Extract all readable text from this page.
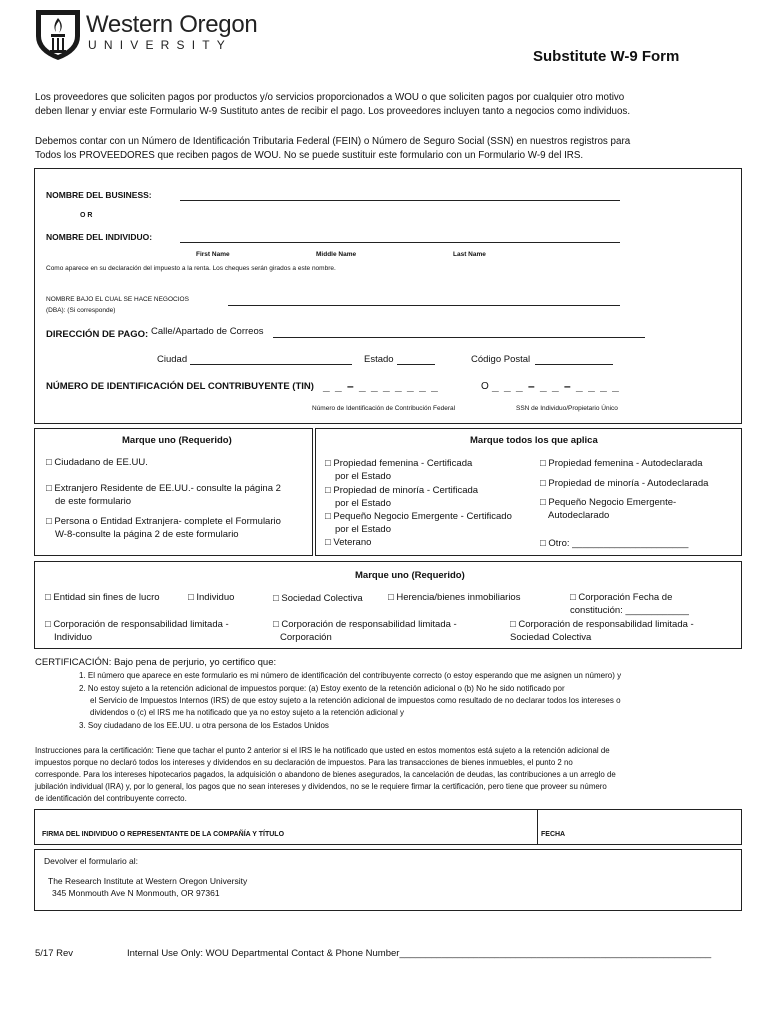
Western Oregon
UNIVERSITY
Substitute W-9 Form
Los proveedores que soliciten pagos por productos y/o servicios proporcionados a WOU o que soliciten pagos por cualquier otro motivo
deben llenar y enviar este Formulario W-9 Sustituto antes de recibir el pago. Los proveedores incluyen tanto a negocios como individuos.
Debemos contar con un Número de Identificación Tributaria Federal (FEIN) o Número de Seguro Social (SSN) en nuestros registros para
Todos los PROVEEDORES que reciben pagos de WOU. No se puede sustituir este formulario con un Formulario W-9 del IRS.
NOMBRE DEL BUSINESS:
O R
NOMBRE DEL INDIVIDUO:
First Name	Middle Name	Last Name
Como aparece en su declaración del impuesto a la renta. Los cheques serán girados a este nombre.
NOMBRE BAJO EL CUAL SE HACE NEGOCIOS
(DBA): (Si corresponde)
DIRECCIÓN DE PAGO: Calle/Apartado de Correos
Ciudad	Estado	Código Postal
NÚMERO DE IDENTIFICACIÓN DEL CONTRIBUYENTE (TIN) _ _ – _ _ _ _ _ _ _	O _ _ _ – _ _ – _ _ _ _
Número de Identificación de Contribución Federal	SSN de Individuo/Propietario Único
Marque uno (Requerido)
□ Ciudadano de EE.UU.
□ Extranjero Residente de EE.UU.- consulte la página 2
de este formulario
□ Persona o Entidad Extranjera- complete el Formulario
W-8-consulte la página 2 de este formulario
Marque todos los que aplica
□ Propiedad femenina - Certificada
por el Estado
□ Propiedad de minoría - Certificada
por el Estado
□ Pequeño Negocio Emergente - Certificado
por el Estado
□ Veterano
□ Propiedad femenina - Autodeclarada
□ Propiedad de minoría - Autodeclarada
□ Pequeño Negocio Emergente-
Autodeclarado
□ Otro: ______________________
Marque uno (Requerido)
□ Entidad sin fines de lucro	□ Individuo	□ Sociedad Colectiva	□ Herencia/bienes inmobiliarios	□ Corporación Fecha de
constitución: ____________
□ Corporación de responsabilidad limitada -
Individuo
□ Corporación de responsabilidad limitada -
Corporación
□ Corporación de responsabilidad limitada -
Sociedad Colectiva
CERTIFICACIÓN: Bajo pena de perjurio, yo certifico que:
1. El número que aparece en este formulario es mi número de identificación del contribuyente correcto (o estoy esperando que me asignen un número) y
2. No estoy sujeto a la retención adicional de impuestos porque: (a) Estoy exento de la retención adicional o (b) No he sido notificado por
el Servicio de Impuestos Internos (IRS) de que estoy sujeto a la retención adicional de impuestos como resultado de no declarar todos los intereses o
dividendos o (c) el IRS me ha notificado que ya no estoy sujeto a la retención adicional y
3. Soy ciudadano de los EE.UU. u otra persona de los Estados Unidos
Instrucciones para la certificación: Tiene que tachar el punto 2 anterior si el IRS le ha notificado que usted en estos momentos está sujeto a la retención adicional de
impuestos porque no declaró todos los intereses y dividendos en su declaración de impuestos. Para las transacciones de bienes inmuebles, el punto 2 no
corresponde. Para los intereses hipotecarios pagados, la adquisición o abandono de bienes asegurados, la cancelación de deudas, las contribuciones a un arreglo de
jubilación individual (IRA) y, por lo general, los pagos que no sean intereses y dividendos, no se le requiere firmar la certificación, pero tiene que proveer su número
de identificación del contribuyente correcto.
FIRMA DEL INDIVIDUO O REPRESENTANTE DE LA COMPAÑÍA Y TÍTULO	FECHA
Devolver el formulario al:
The Research Institute at Western Oregon University
345 Monmouth Ave N Monmouth, OR 97361
5/17 Rev	Internal Use Only: WOU Departmental Contact & Phone Number___________________________________________________________
